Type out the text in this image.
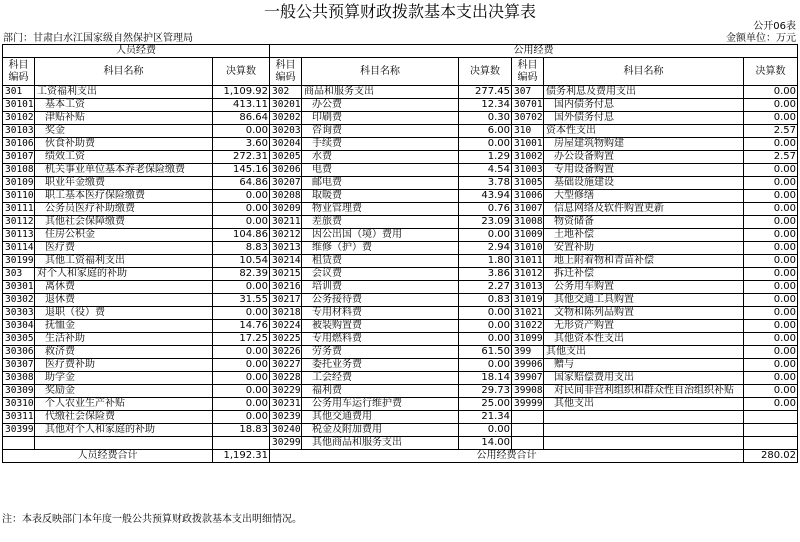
一般公共预算财政拨款基本支出决算表
公开06表
部门：甘肃白水江国家级自然保护区管理局	金额单位：万元
人员经费			公用经费					
科目编码	科目名称	决算数	科目编码	科目名称	决算数	科目编码	科目名称	决算数
301	工资福利支出	1,109.92	302	商品和服务支出	277.45	307	债务利息及费用支出	0.00
30101	基本工资	413.11	30201	办公费	12.34	30701	国内债务付息	0.00
30102	津贴补贴	86.64	30202	印刷费	0.30	30702	国外债务付息	0.00
30103	奖金	0.00	30203	咨询费	6.00	310	资本性支出	2.57
30106	伙食补助费	3.60	30204	手续费	0.00	31001	房屋建筑物购建	0.00
30107	绩效工资	272.31	30205	水费	1.29	31002	办公设备购置	2.57
30108	机关事业单位基本养老保险缴费	145.16	30206	电费	4.54	31003	专用设备购置	0.00
30109	职业年金缴费	64.86	30207	邮电费	3.78	31005	基础设施建设	0.00
30110	职工基本医疗保险缴费	0.00	30208	取暖费	43.94	31006	大型修缮	0.00
30111	公务员医疗补助缴费	0.00	30209	物业管理费	0.76	31007	信息网络及软件购置更新	0.00
30112	其他社会保障缴费	0.00	30211	差旅费	23.09	31008	物资储备	0.00
30113	住房公积金	104.86	30212	因公出国（境）费用	0.00	31009	土地补偿	0.00
30114	医疗费	8.83	30213	维修（护）费	2.94	31010	安置补助	0.00
30199	其他工资福利支出	10.54	30214	租赁费	1.80	31011	地上附着物和青苗补偿	0.00
303	对个人和家庭的补助	82.39	30215	会议费	3.86	31012	拆迁补偿	0.00
30301	离休费	0.00	30216	培训费	2.27	31013	公务用车购置	0.00
30302	退休费	31.55	30217	公务接待费	0.83	31019	其他交通工具购置	0.00
30303	退职（役）费	0.00	30218	专用材料费	0.00	31021	文物和陈列品购置	0.00
30304	抚恤金	14.76	30224	被装购置费	0.00	31022	无形资产购置	0.00
30305	生活补助	17.25	30225	专用燃料费	0.00	31099	其他资本性支出	0.00
30306	救济费	0.00	30226	劳务费	61.50	399	其他支出	0.00
30307	医疗费补助	0.00	30227	委托业务费	0.00	39906	赠与	0.00
30308	助学金	0.00	30228	工会经费	18.14	39907	国家赔偿费用支出	0.00
30309	奖励金	0.00	30229	福利费	29.73	39908	对民间非营利组织和群众性自治组织补贴	0.00
30310	个人农业生产补贴	0.00	30231	公务用车运行维护费	25.00	39999	其他支出	0.00
30311	代缴社会保险费	0.00	30239	其他交通费用	21.34			
30399	其他对个人和家庭的补助	18.83	30240	税金及附加费用	0.00			
			30299	其他商品和服务支出	14.00			
人员经费合计		1,192.31	公用经费合计					280.02
注：本表反映部门本年度一般公共预算财政拨款基本支出明细情况。
